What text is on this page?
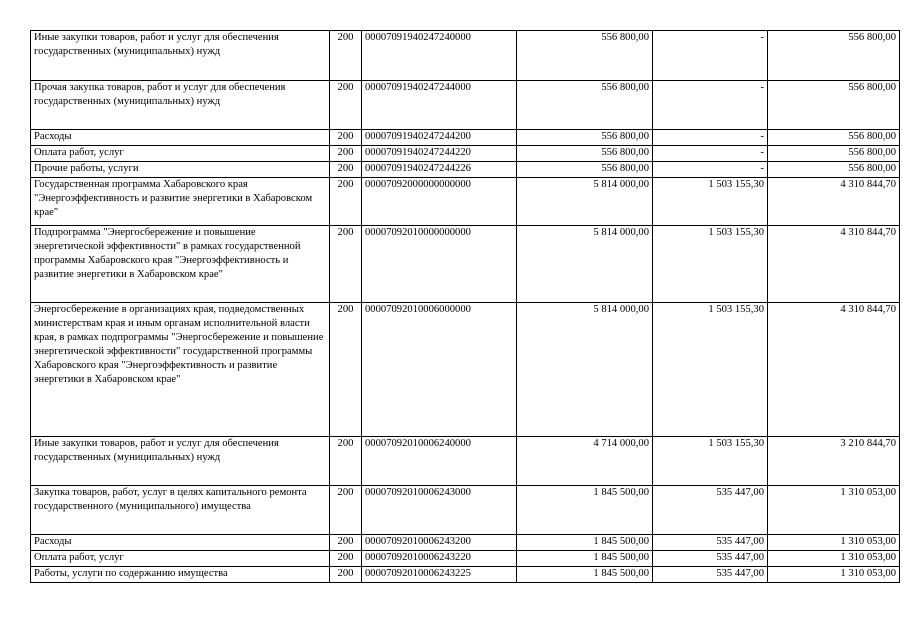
Иные закупки товаров, работ и услуг для обеспечения государственных (муниципальных) нужд	200	00007091940247240000	556 800,00	-	556 800,00
Прочая закупка товаров, работ и услуг для обеспечения государственных (муниципальных) нужд	200	00007091940247244000	556 800,00	-	556 800,00
Расходы	200	00007091940247244200	556 800,00	-	556 800,00
Оплата работ, услуг	200	00007091940247244220	556 800,00	-	556 800,00
Прочие работы, услуги	200	00007091940247244226	556 800,00	-	556 800,00
Государственная программа Хабаровского края "Энергоэффективность и развитие энергетики в Хабаровском крае"	200	00007092000000000000	5 814 000,00	1 503 155,30	4 310 844,70
Подпрограмма "Энергосбережение и повышение энергетической эффективности" в рамках государственной программы Хабаровского края "Энергоэффективность и развитие энергетики в Хабаровском крае"	200	00007092010000000000	5 814 000,00	1 503 155,30	4 310 844,70
Энергосбережение в организациях края, подведомственных министерствам края и иным органам исполнительной власти края, в рамках подпрограммы "Энергосбережение и повышение энергетической эффективности" государственной программы Хабаровского края "Энергоэффективность и развитие энергетики в Хабаровском крае"	200	00007092010006000000	5 814 000,00	1 503 155,30	4 310 844,70
Иные закупки товаров, работ и услуг для обеспечения государственных (муниципальных) нужд	200	00007092010006240000	4 714 000,00	1 503 155,30	3 210 844,70
Закупка товаров, работ, услуг в целях капитального ремонта государственного (муниципального) имущества	200	00007092010006243000	1 845 500,00	535 447,00	1 310 053,00
Расходы	200	00007092010006243200	1 845 500,00	535 447,00	1 310 053,00
Оплата работ, услуг	200	00007092010006243220	1 845 500,00	535 447,00	1 310 053,00
Работы, услуги по содержанию имущества	200	00007092010006243225	1 845 500,00	535 447,00	1 310 053,00
